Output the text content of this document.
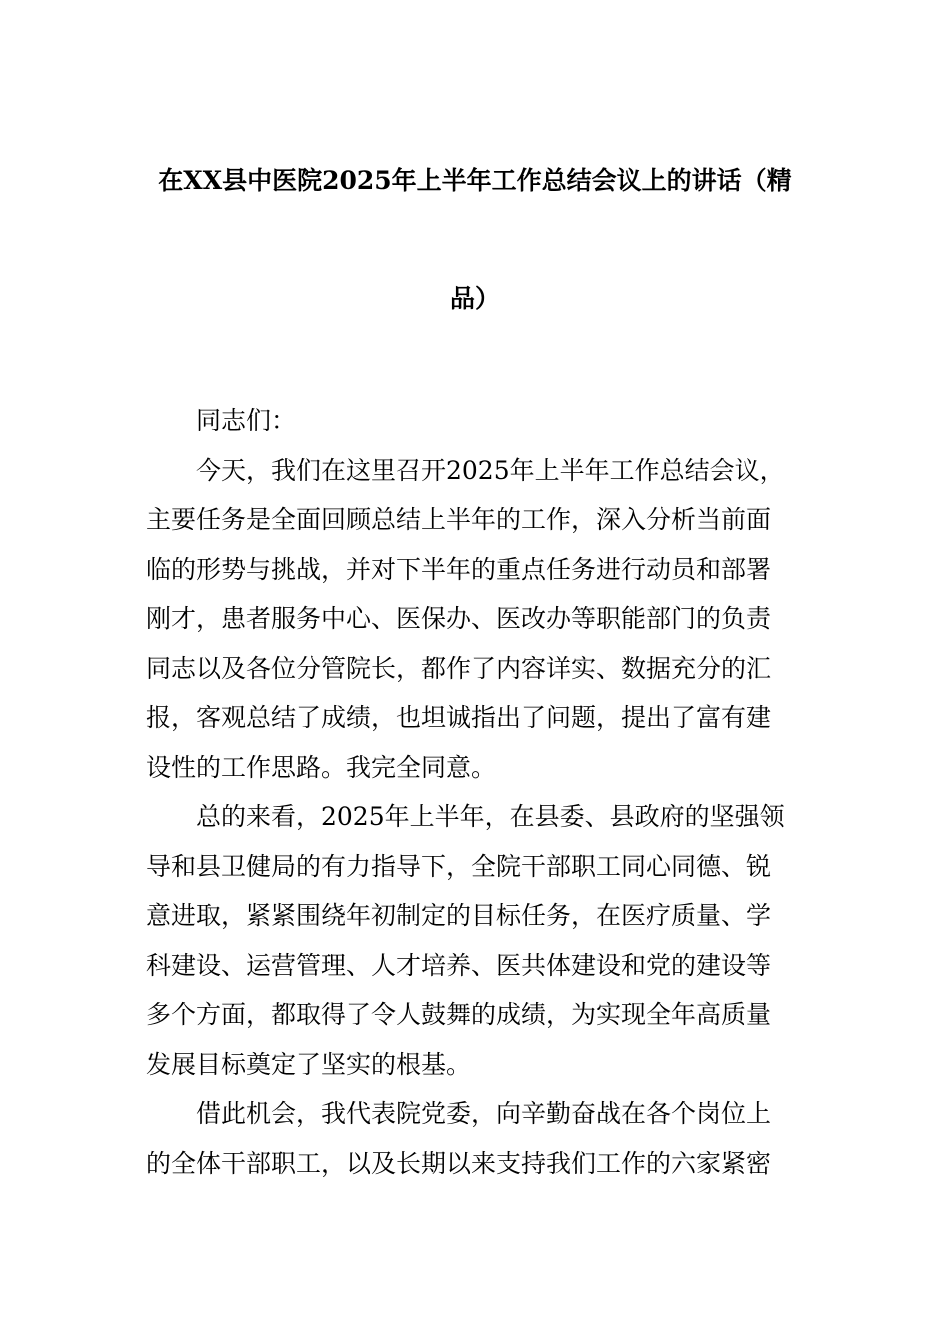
在XX县中医院2025年上半年工作总结会议上的讲话（精
品）

同志们：

今天，我们在这里召开2025年上半年工作总结会议，
主要任务是全面回顾总结上半年的工作，深入分析当前面
临的形势与挑战，并对下半年的重点任务进行动员和部署
刚才，患者服务中心、医保办、医改办等职能部门的负责
同志以及各位分管院长，都作了内容详实、数据充分的汇
报，客观总结了成绩，也坦诚指出了问题，提出了富有建
设性的工作思路。我完全同意。

总的来看，2025年上半年，在县委、县政府的坚强领
导和县卫健局的有力指导下，全院干部职工同心同德、锐
意进取，紧紧围绕年初制定的目标任务，在医疗质量、学
科建设、运营管理、人才培养、医共体建设和党的建设等
多个方面，都取得了令人鼓舞的成绩，为实现全年高质量
发展目标奠定了坚实的根基。

借此机会，我代表院党委，向辛勤奋战在各个岗位上
的全体干部职工，以及长期以来支持我们工作的六家紧密
